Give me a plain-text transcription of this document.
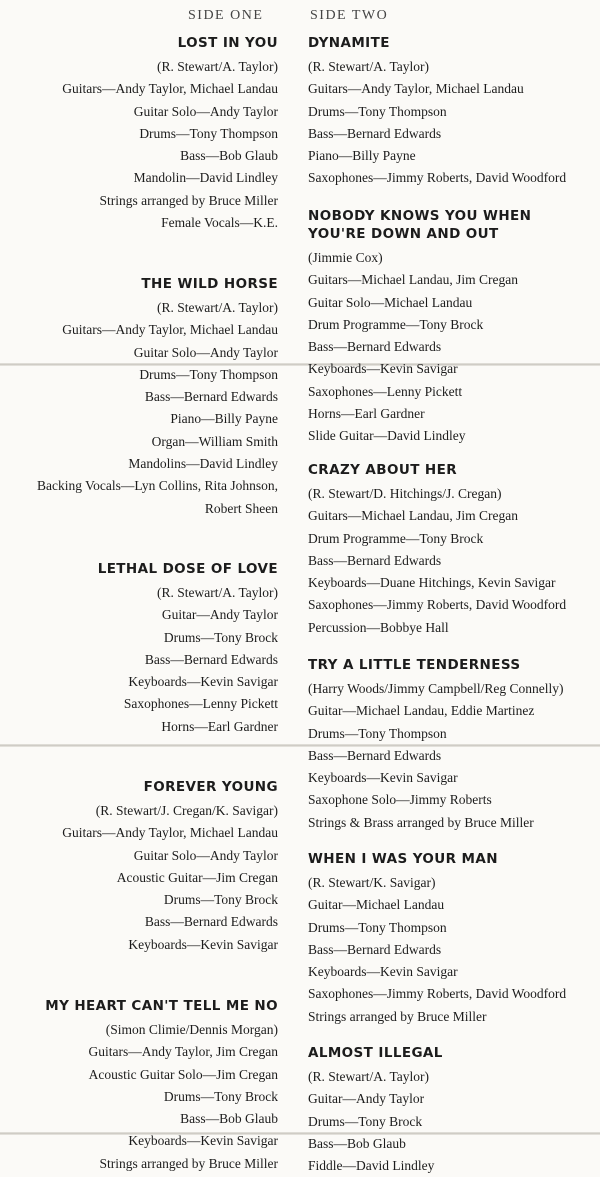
SIDE ONE	SIDE TWO
LOST IN YOU
(R. Stewart/A. Taylor)
Guitars—Andy Taylor, Michael Landau
Guitar Solo—Andy Taylor
Drums—Tony Thompson
Bass—Bob Glaub
Mandolin—David Lindley
Strings arranged by Bruce Miller
Female Vocals—K.E.
THE WILD HORSE
(R. Stewart/A. Taylor)
Guitars—Andy Taylor, Michael Landau
Guitar Solo—Andy Taylor
Drums—Tony Thompson
Bass—Bernard Edwards
Piano—Billy Payne
Organ—William Smith
Mandolins—David Lindley
Backing Vocals—Lyn Collins, Rita Johnson,
Robert Sheen
LETHAL DOSE OF LOVE
(R. Stewart/A. Taylor)
Guitar—Andy Taylor
Drums—Tony Brock
Bass—Bernard Edwards
Keyboards—Kevin Savigar
Saxophones—Lenny Pickett
Horns—Earl Gardner
FOREVER YOUNG
(R. Stewart/J. Cregan/K. Savigar)
Guitars—Andy Taylor, Michael Landau
Guitar Solo—Andy Taylor
Acoustic Guitar—Jim Cregan
Drums—Tony Brock
Bass—Bernard Edwards
Keyboards—Kevin Savigar
MY HEART CAN'T TELL ME NO
(Simon Climie/Dennis Morgan)
Guitars—Andy Taylor, Jim Cregan
Acoustic Guitar Solo—Jim Cregan
Drums—Tony Brock
Bass—Bob Glaub
Keyboards—Kevin Savigar
Strings arranged by Bruce Miller
DYNAMITE
(R. Stewart/A. Taylor)
Guitars—Andy Taylor, Michael Landau
Drums—Tony Thompson
Bass—Bernard Edwards
Piano—Billy Payne
Saxophones—Jimmy Roberts, David Woodford
NOBODY KNOWS YOU WHEN
YOU'RE DOWN AND OUT
(Jimmie Cox)
Guitars—Michael Landau, Jim Cregan
Guitar Solo—Michael Landau
Drum Programme—Tony Brock
Bass—Bernard Edwards
Keyboards—Kevin Savigar
Saxophones—Lenny Pickett
Horns—Earl Gardner
Slide Guitar—David Lindley
CRAZY ABOUT HER
(R. Stewart/D. Hitchings/J. Cregan)
Guitars—Michael Landau, Jim Cregan
Drum Programme—Tony Brock
Bass—Bernard Edwards
Keyboards—Duane Hitchings, Kevin Savigar
Saxophones—Jimmy Roberts, David Woodford
Percussion—Bobbye Hall
TRY A LITTLE TENDERNESS
(Harry Woods/Jimmy Campbell/Reg Connelly)
Guitar—Michael Landau, Eddie Martinez
Drums—Tony Thompson
Bass—Bernard Edwards
Keyboards—Kevin Savigar
Saxophone Solo—Jimmy Roberts
Strings & Brass arranged by Bruce Miller
WHEN I WAS YOUR MAN
(R. Stewart/K. Savigar)
Guitar—Michael Landau
Drums—Tony Thompson
Bass—Bernard Edwards
Keyboards—Kevin Savigar
Saxophones—Jimmy Roberts, David Woodford
Strings arranged by Bruce Miller
ALMOST ILLEGAL
(R. Stewart/A. Taylor)
Guitar—Andy Taylor
Drums—Tony Brock
Bass—Bob Glaub
Fiddle—David Lindley
